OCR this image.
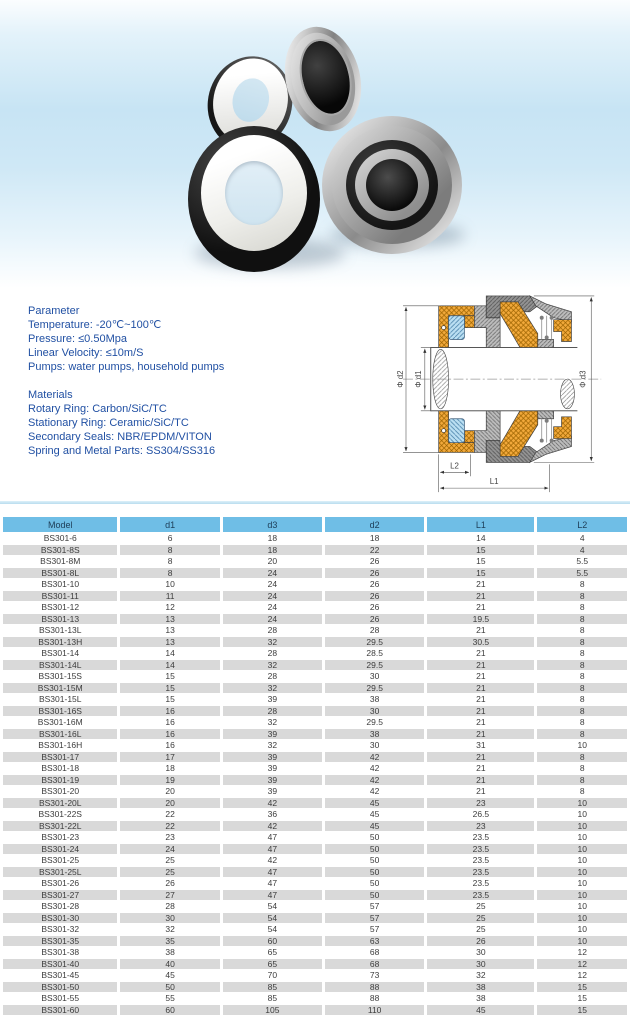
Parameter
Temperature: -20℃~100℃
Pressure: ≤0.50Mpa
Linear Velocity: ≤10m/S
Pumps: water pumps, household pumps
Materials
Rotary Ring: Carbon/SiC/TC
Stationary Ring: Ceramic/SiC/TC
Secondary Seals: NBR/EPDM/VITON
Spring and Metal Parts: SS304/SS316
Φ d2 Φ d1	Φ d3
L2
L1
Model	d1	d3	d2	L1	L2
BS301-6	6	18	18	14	4
BS301-8S	8	18	22	15	4
BS301-8M	8	20	26	15	5.5
BS301-8L	8	24	26	15	5.5
BS301-10	10	24	26	21	8
BS301-11	11	24	26	21	8
BS301-12	12	24	26	21	8
BS301-13	13	24	26	19.5	8
BS301-13L	13	28	28	21	8
BS301-13H	13	32	29.5	30.5	8
BS301-14	14	28	28.5	21	8
BS301-14L	14	32	29.5	21	8
BS301-15S	15	28	30	21	8
BS301-15M	15	32	29.5	21	8
BS301-15L	15	39	38	21	8
BS301-16S	16	28	30	21	8
BS301-16M	16	32	29.5	21	8
BS301-16L	16	39	38	21	8
BS301-16H	16	32	30	31	10
BS301-17	17	39	42	21	8
BS301-18	18	39	42	21	8
BS301-19	19	39	42	21	8
BS301-20	20	39	42	21	8
BS301-20L	20	42	45	23	10
BS301-22S	22	36	45	26.5	10
BS301-22L	22	42	45	23	10
BS301-23	23	47	50	23.5	10
BS301-24	24	47	50	23.5	10
BS301-25	25	42	50	23.5	10
BS301-25L	25	47	50	23.5	10
BS301-26	26	47	50	23.5	10
BS301-27	27	47	50	23.5	10
BS301-28	28	54	57	25	10
BS301-30	30	54	57	25	10
BS301-32	32	54	57	25	10
BS301-35	35	60	63	26	10
BS301-38	38	65	68	30	12
BS301-40	40	65	68	30	12
BS301-45	45	70	73	32	12
BS301-50	50	85	88	38	15
BS301-55	55	85	88	38	15
BS301-60	60	105	110	45	15
